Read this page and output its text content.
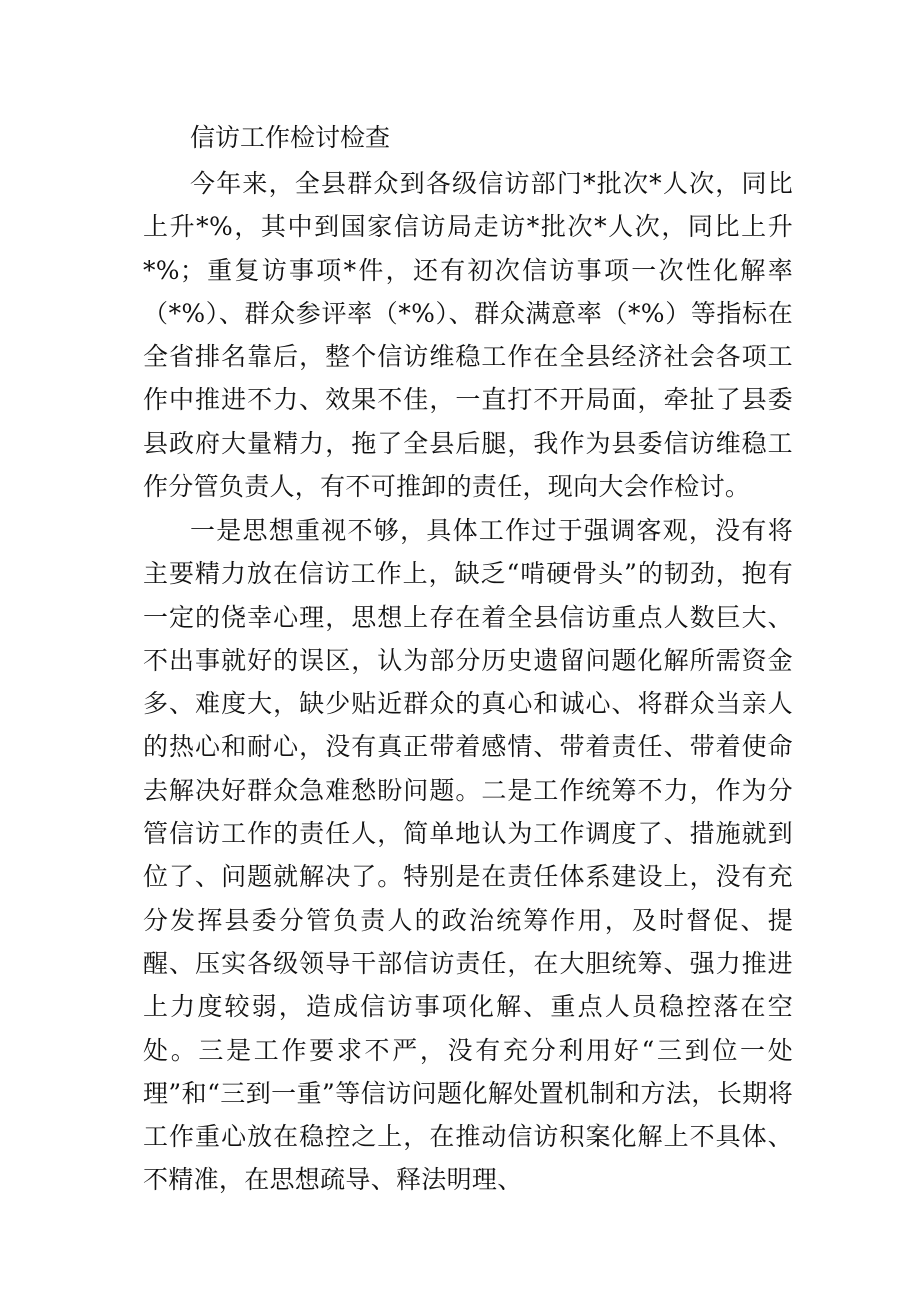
信访工作检讨检查

今年来，全县群众到各级信访部门*批次*人次，同比上升*%，其中到国家信访局走访*批次*人次，同比上升*%；重复访事项*件，还有初次信访事项一次性化解率（*%）、群众参评率（*%）、群众满意率（*%）等指标在全省排名靠后，整个信访维稳工作在全县经济社会各项工作中推进不力、效果不佳，一直打不开局面，牵扯了县委县政府大量精力，拖了全县后腿，我作为县委信访维稳工作分管负责人，有不可推卸的责任，现向大会作检讨。

一是思想重视不够，具体工作过于强调客观，没有将主要精力放在信访工作上，缺乏“啃硬骨头”的韧劲，抱有一定的侥幸心理，思想上存在着全县信访重点人数巨大、不出事就好的误区，认为部分历史遗留问题化解所需资金多、难度大，缺少贴近群众的真心和诚心、将群众当亲人的热心和耐心，没有真正带着感情、带着责任、带着使命去解决好群众急难愁盼问题。二是工作统筹不力，作为分管信访工作的责任人，简单地认为工作调度了、措施就到位了、问题就解决了。特别是在责任体系建设上，没有充分发挥县委分管负责人的政治统筹作用，及时督促、提醒、压实各级领导干部信访责任，在大胆统筹、强力推进上力度较弱，造成信访事项化解、重点人员稳控落在空处。三是工作要求不严，没有充分利用好“三到位一处理”和“三到一重”等信访问题化解处置机制和方法，长期将工作重心放在稳控之上，在推动信访积案化解上不具体、不精准，在思想疏导、释法明理、
